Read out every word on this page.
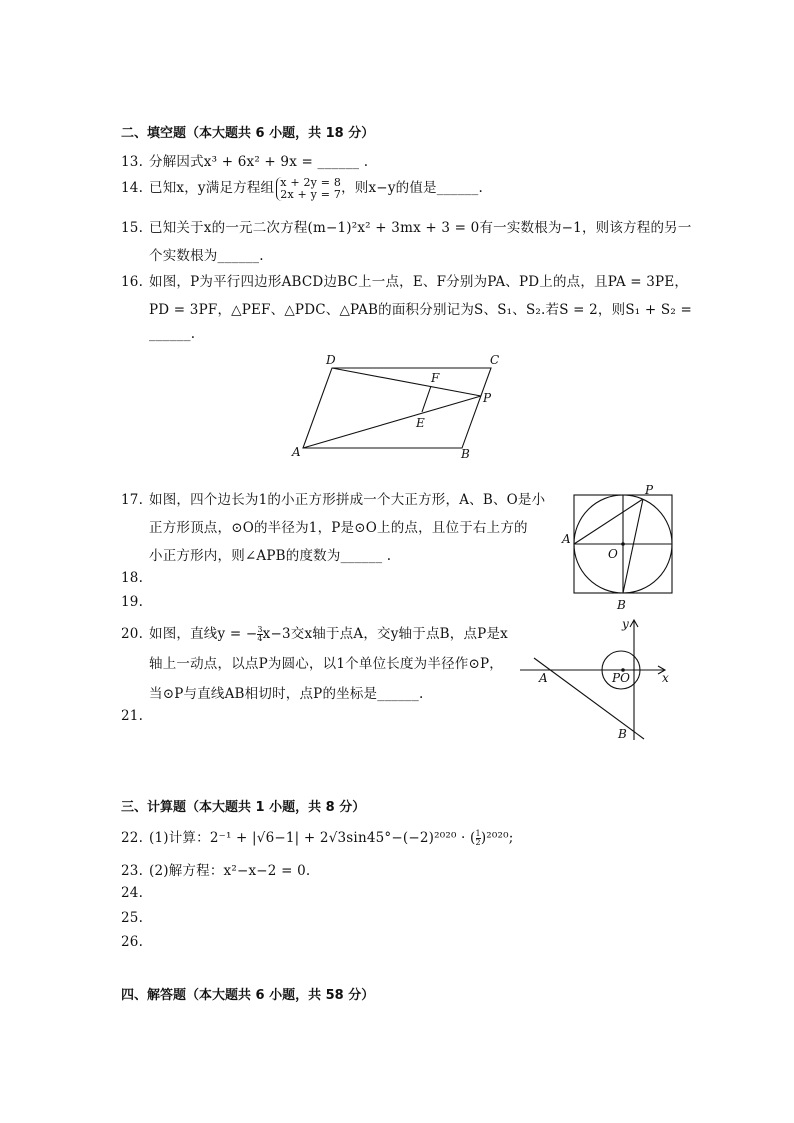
二、填空题（本大题共 6 小题，共 18 分）
13. 分解因式x³ + 6x² + 9x = ______ .
14. 已知x，y满足方程组 x + 2y = 8
2x + y = 7 ，则x−y的值是______.
15. 已知关于x的一元二次方程(m−1)²x² + 3mx + 3 = 0有一实数根为−1，则该方程的另一
个实数根为______.
16. 如图，P为平行四边形ABCD边BC上一点，E、F分别为PA、PD上的点，且PA = 3PE，
PD = 3PF，△PEF、△PDC、△PAB的面积分别记为S、S₁、S₂.若S = 2，则S₁ + S₂ =
______.
D	C
F
P
E
A	B
17. 如图，四个边长为1的小正方形拼成一个大正方形，A、B、O是小
正方形顶点，⊙O的半径为1，P是⊙O上的点，且位于右上方的
小正方形内，则∠APB的度数为______ .
P
A
O
B
18.
19.
20. 如图，直线y = − $\frac{3}{4} x-3$交x轴于点A，交y轴于点B，点P是x
轴上一动点，以点P为圆心，以1个单位长度为半径作⊙P，
当⊙P与直线AB相切时，点P的坐标是______.
y
x
A	PO
B
21.
三、计算题（本大题共 1 小题，共 8 分）
22. (1)计算：2⁻¹ + |√6−1| + 2√3sin45°−(−2)²⁰²⁰ · ( $\frac{1}{2} )^{2020}$;
23. (2)解方程：x²−x−2 = 0.
24.
25.
26.
四、解答题（本大题共 6 小题，共 58 分）
